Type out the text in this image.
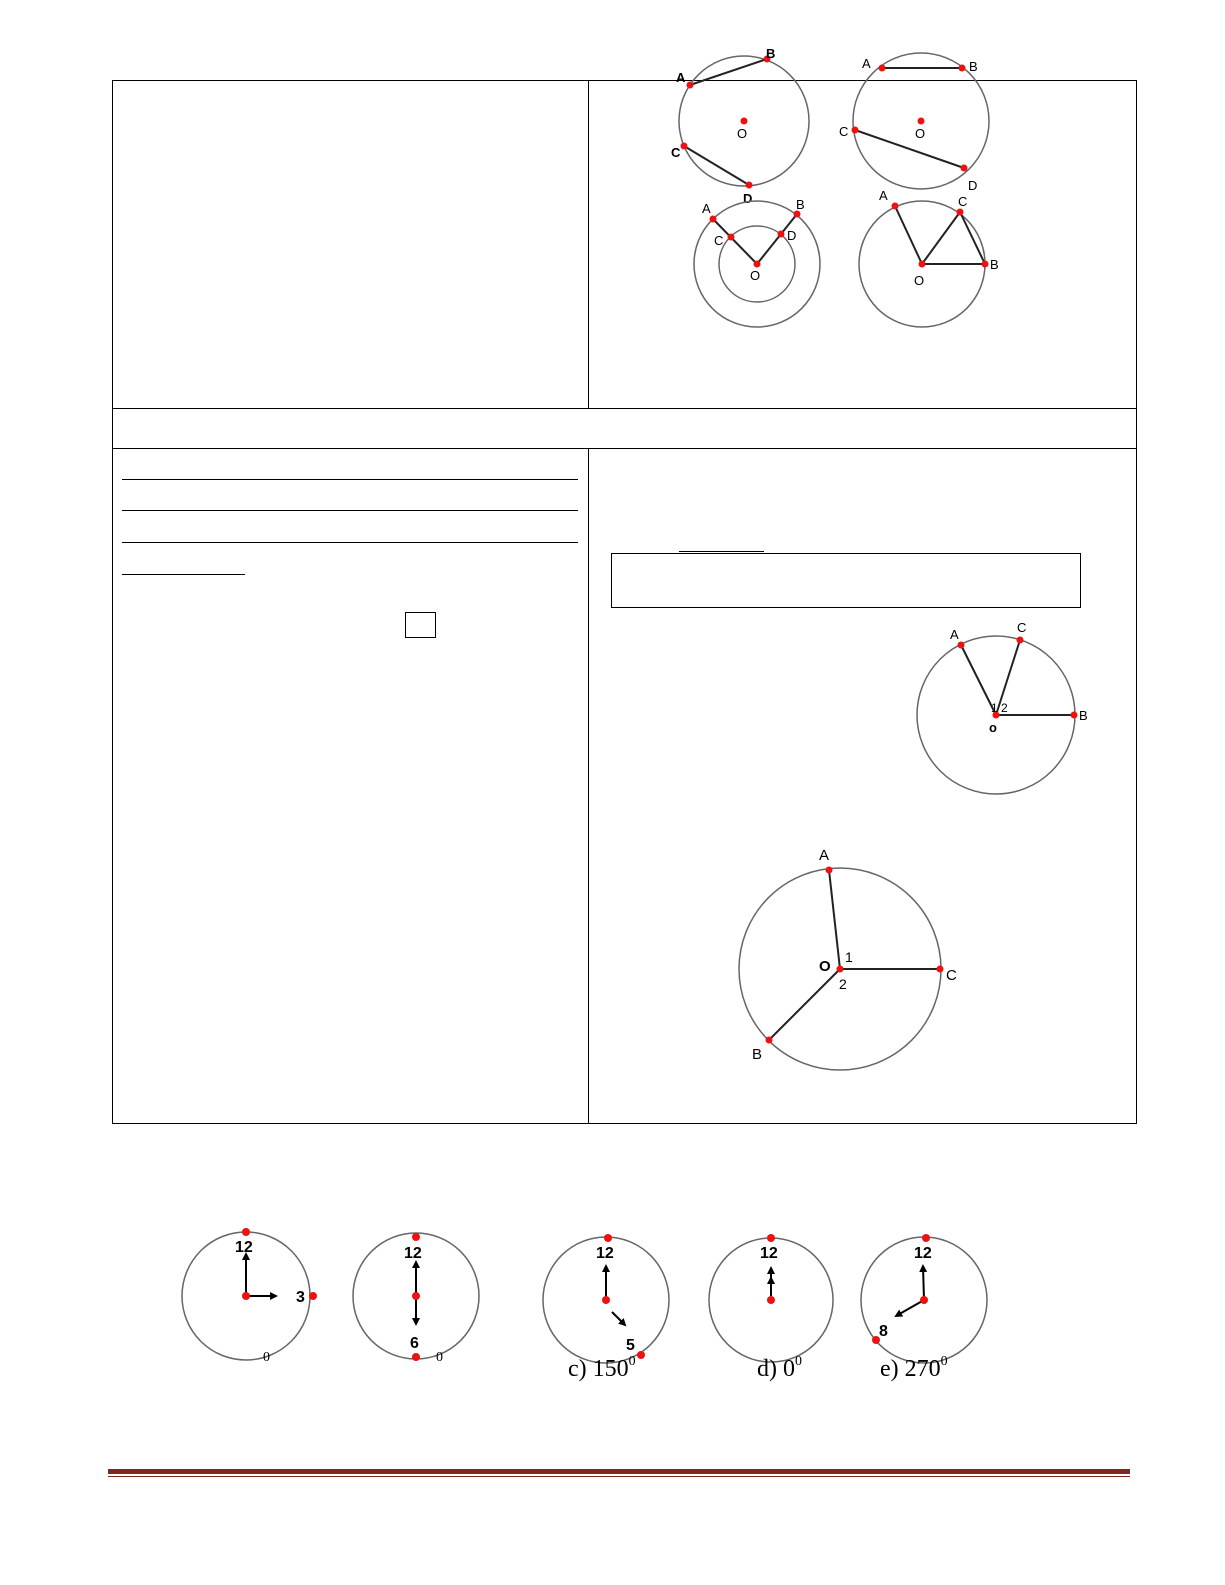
A
B
C
D
O
A	B
C
D
O
A	B
C	D
O
A	C
B
O
A	C
B
o
1 2
A
C
B
O
1
2
12
3
12
6
12
5
12	12
8
0	0	c) $150^0$	d) $0^0$	e) $270^0$
